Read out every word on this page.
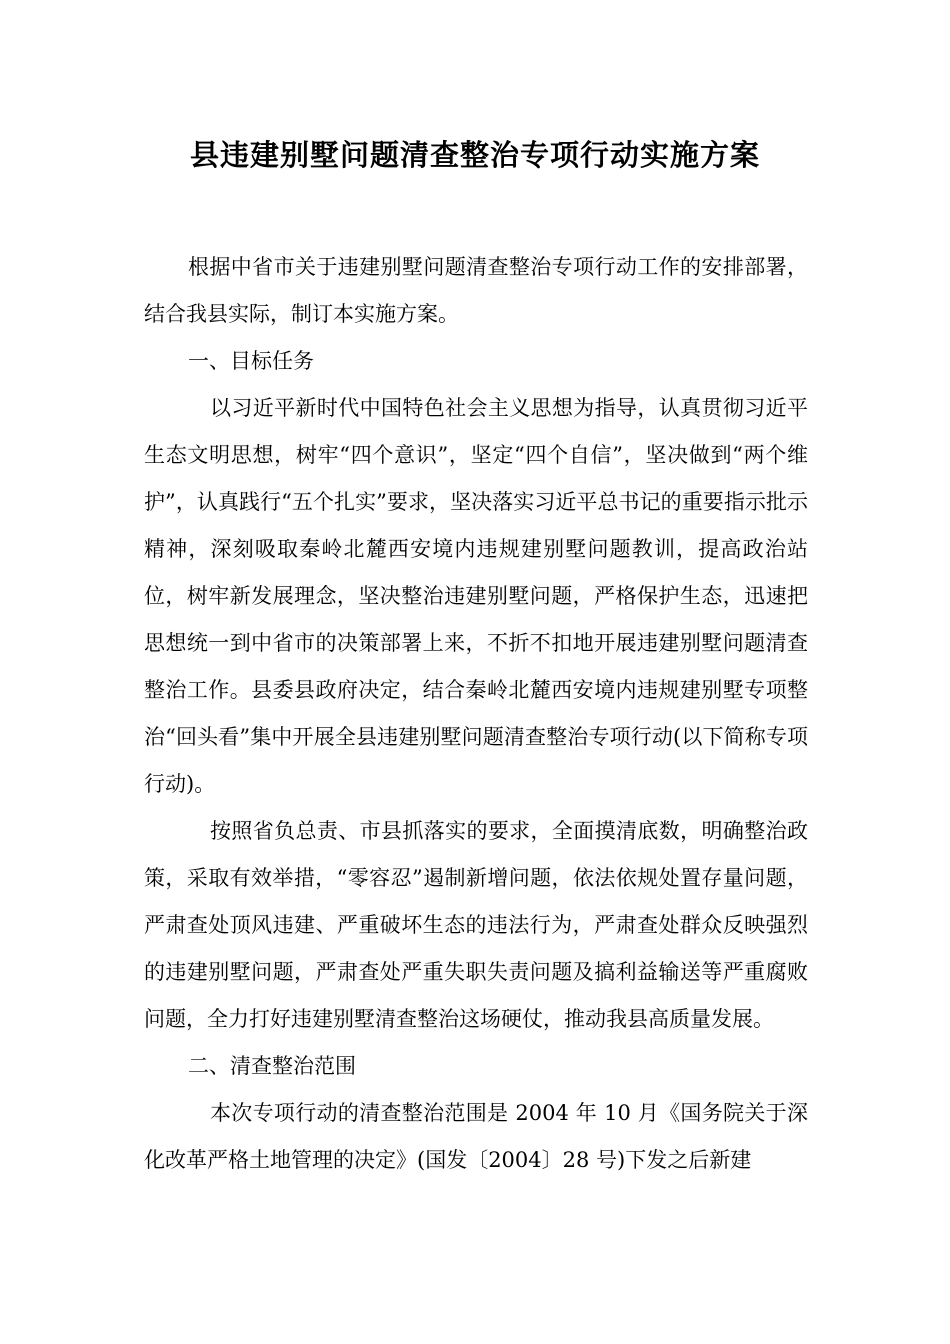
县违建别墅问题清查整治专项行动实施方案

根据中省市关于违建别墅问题清查整治专项行动工作的安排部署，结合我县实际，制订本实施方案。

一、目标任务

以习近平新时代中国特色社会主义思想为指导，认真贯彻习近平生态文明思想，树牢“四个意识”，坚定“四个自信”，坚决做到“两个维护”，认真践行“五个扎实”要求，坚决落实习近平总书记的重要指示批示精神，深刻吸取秦岭北麓西安境内违规建别墅问题教训，提高政治站位，树牢新发展理念，坚决整治违建别墅问题，严格保护生态，迅速把思想统一到中省市的决策部署上来，不折不扣地开展违建别墅问题清查整治工作。县委县政府决定，结合秦岭北麓西安境内违规建别墅专项整治“回头看”集中开展全县违建别墅问题清查整治专项行动(以下简称专项行动)。

按照省负总责、市县抓落实的要求，全面摸清底数，明确整治政策，采取有效举措，“零容忍”遏制新增问题，依法依规处置存量问题，严肃查处顶风违建、严重破坏生态的违法行为，严肃查处群众反映强烈的违建别墅问题，严肃查处严重失职失责问题及搞利益输送等严重腐败问题，全力打好违建别墅清查整治这场硬仗，推动我县高质量发展。

二、清查整治范围

本次专项行动的清查整治范围是 2004 年 10 月《国务院关于深化改革严格土地管理的决定》(国发〔2004〕28 号)下发之后新建
